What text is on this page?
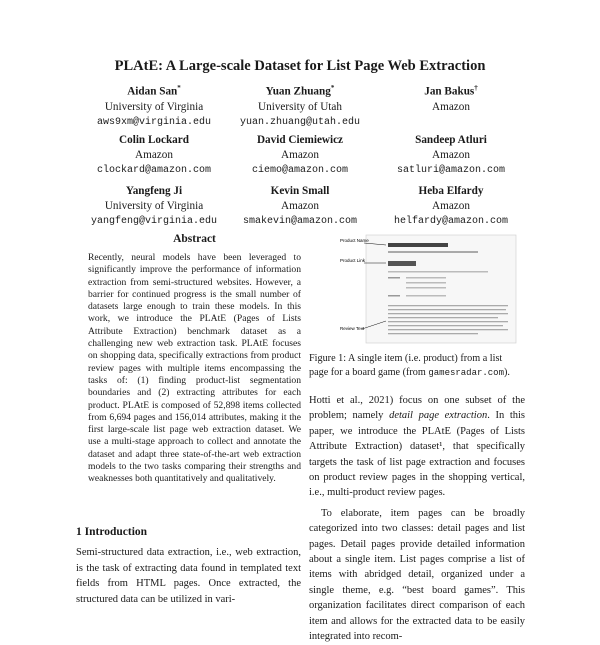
PLAtE: A Large-scale Dataset for List Page Web Extraction
Aidan San*
University of Virginia
aws9xm@virginia.edu
Yuan Zhuang*
University of Utah
yuan.zhuang@utah.edu
Jan Bakus†
Amazon
Colin Lockard
Amazon
clockard@amazon.com
David Ciemiewicz
Amazon
ciemo@amazon.com
Sandeep Atluri
Amazon
satluri@amazon.com
Yangfeng Ji
University of Virginia
yangfeng@virginia.edu
Kevin Small
Amazon
smakevin@amazon.com
Heba Elfardy
Amazon
helfardy@amazon.com
Abstract

Recently, neural models have been leveraged to significantly improve the performance of information extraction from semi-structured websites. However, a barrier for continued progress is the small number of datasets large enough to train these models. In this work, we introduce the PLAtE (Pages of Lists Attribute Extraction) benchmark dataset as a challenging new web extraction task. PLAtE focuses on shopping data, specifically extractions from product review pages with multiple items encompassing the tasks of: (1) finding product-list segmentation boundaries and (2) extracting attributes for each product. PLAtE is composed of 52,898 items collected from 6,694 pages and 156,014 attributes, making it the first large-scale list page web extraction dataset. We use a multi-stage approach to collect and annotate the dataset and adapt three state-of-the-art web extraction models to the two tasks comparing their strengths and weaknesses both quantitatively and qualitatively.

1 Introduction

Semi-structured data extraction, i.e., web extraction, is the task of extracting data found in templated text fields from HTML pages. Once extracted, the structured data can be utilized in vari-

Product Name
Product Link
Review Text
Figure 1: A single item (i.e. product) from a list page for a board game (from gamesradar.com).

Hotti et al., 2021) focus on one subset of the problem; namely detail page extraction. In this paper, we introduce the PLAtE (Pages of Lists Attribute Extraction) dataset¹, that specifically targets the task of list page extraction and focuses on product review pages in the shopping vertical, i.e., multi-product review pages.

To elaborate, item pages can be broadly categorized into two classes: detail pages and list pages. Detail pages provide detailed information about a single item. List pages comprise a list of items with abridged detail, organized under a single theme, e.g. “best board games”. This organization facilitates direct comparison of each item and allows for the extracted data to be easily integrated into recom-
